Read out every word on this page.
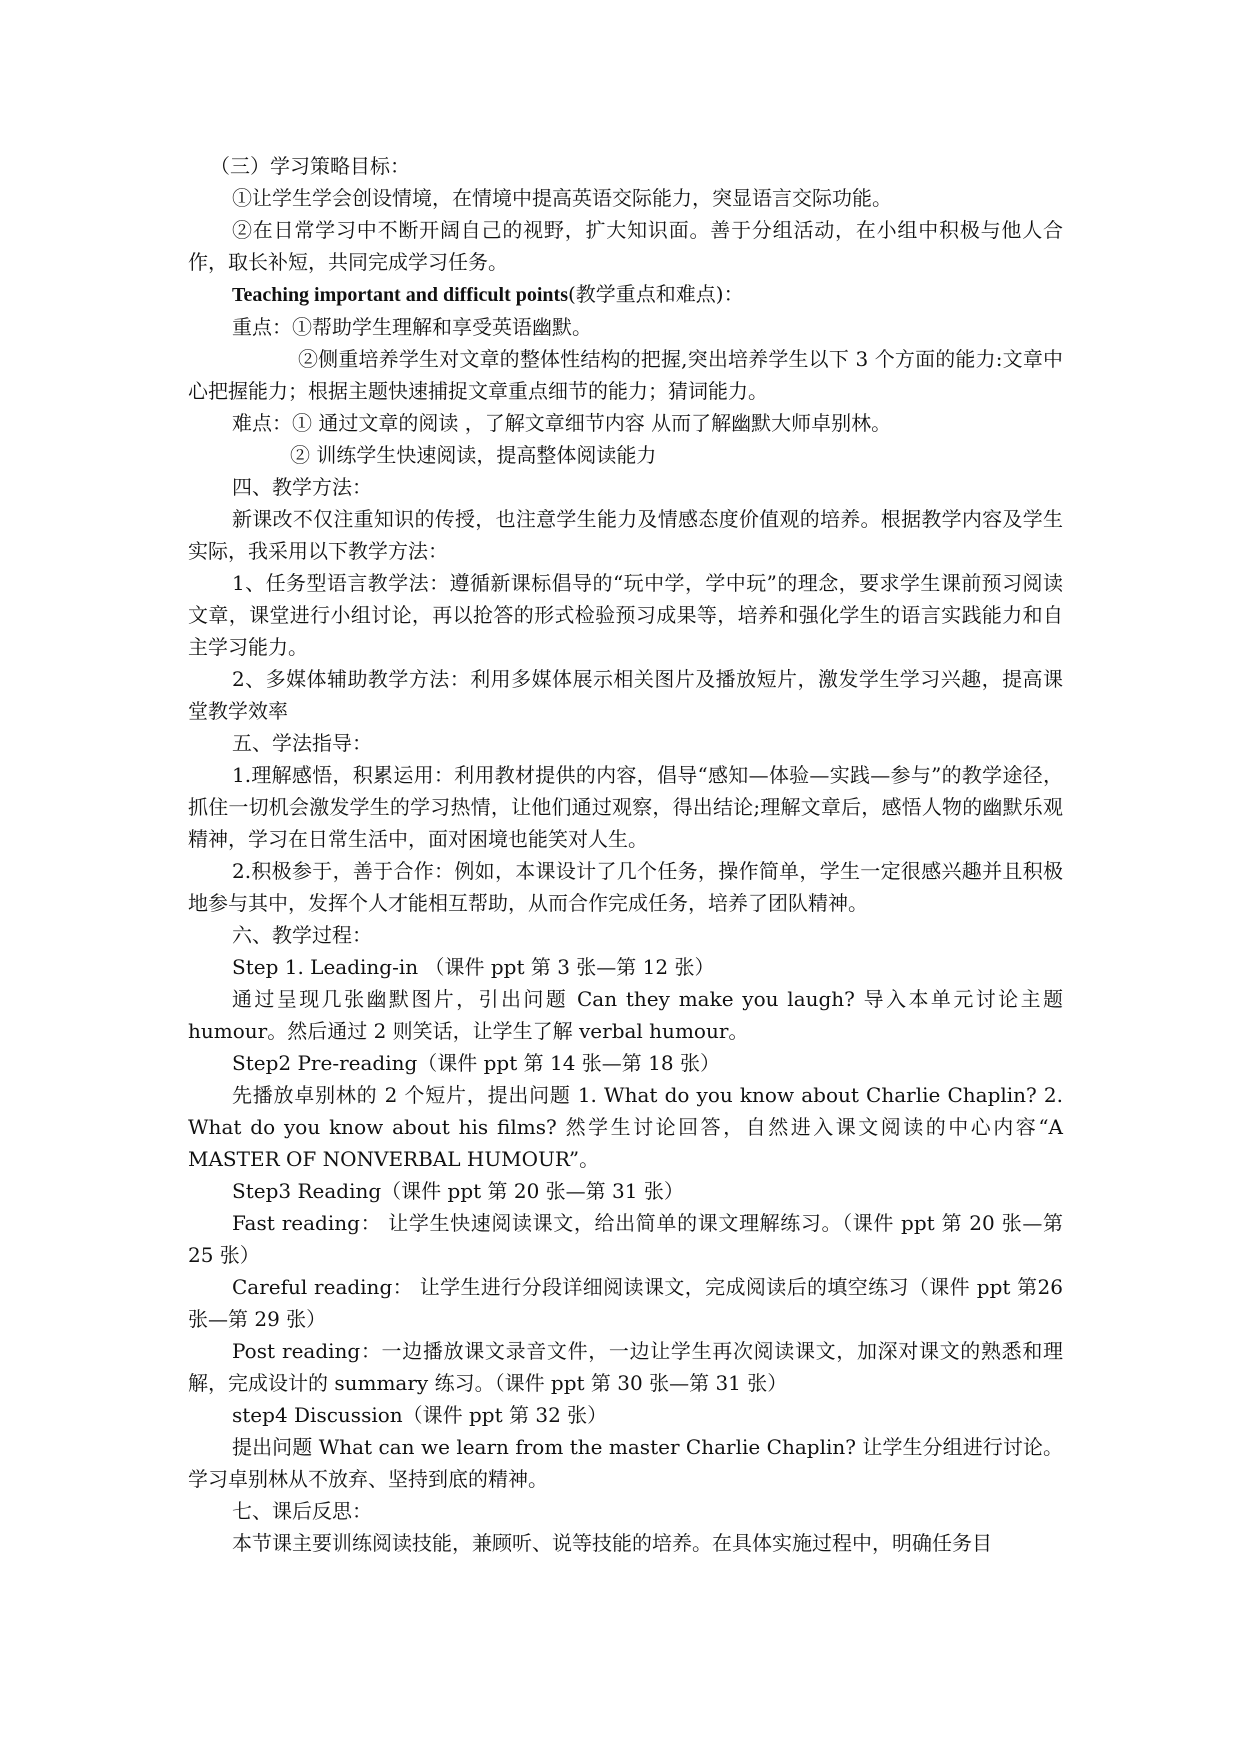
（三）学习策略目标：

①让学生学会创设情境，在情境中提高英语交际能力，突显语言交际功能。

②在日常学习中不断开阔自己的视野，扩大知识面。善于分组活动，在小组中积极与他人合作，取长补短，共同完成学习任务。

Teaching important and difficult points(教学重点和难点)：

重点：①帮助学生理解和享受英语幽默。

②侧重培养学生对文章的整体性结构的把握,突出培养学生以下 3 个方面的能力:文章中心把握能力；根据主题快速捕捉文章重点细节的能力；猜词能力。

难点：① 通过文章的阅读 ，了解文章细节内容 从而了解幽默大师卓别林。

② 训练学生快速阅读，提高整体阅读能力

四、教学方法：

新课改不仅注重知识的传授，也注意学生能力及情感态度价值观的培养。根据教学内容及学生实际，我采用以下教学方法：

1、任务型语言教学法：遵循新课标倡导的“玩中学，学中玩”的理念，要求学生课前预习阅读文章，课堂进行小组讨论，再以抢答的形式检验预习成果等，培养和强化学生的语言实践能力和自主学习能力。

2、多媒体辅助教学方法：利用多媒体展示相关图片及播放短片，激发学生学习兴趣，提高课堂教学效率

五、学法指导：

1.理解感悟，积累运用：利用教材提供的内容，倡导“感知—体验—实践—参与”的教学途径，抓住一切机会激发学生的学习热情，让他们通过观察，得出结论;理解文章后，感悟人物的幽默乐观精神，学习在日常生活中，面对困境也能笑对人生。

2.积极参于，善于合作：例如，本课设计了几个任务，操作简单，学生一定很感兴趣并且积极地参与其中，发挥个人才能相互帮助，从而合作完成任务，培养了团队精神。

六、教学过程：

Step 1. Leading-in （课件 ppt 第 3 张—第 12 张）

通过呈现几张幽默图片，引出问题 Can they make you laugh? 导入本单元讨论主题humour。然后通过 2 则笑话，让学生了解 verbal humour。

Step2 Pre-reading（课件 ppt 第 14 张—第 18 张）

先播放卓别林的 2 个短片，提出问题 1. What do you know about Charlie Chaplin? 2. What do you know about his films? 然学生讨论回答，自然进入课文阅读的中心内容“A MASTER OF NONVERBAL HUMOUR”。

Step3 Reading（课件 ppt 第 20 张—第 31 张）

Fast reading： 让学生快速阅读课文，给出简单的课文理解练习。（课件 ppt 第 20 张—第 25 张）

Careful reading： 让学生进行分段详细阅读课文，完成阅读后的填空练习（课件 ppt 第26 张—第 29 张）

Post reading：一边播放课文录音文件，一边让学生再次阅读课文，加深对课文的熟悉和理解，完成设计的 summary 练习。（课件 ppt 第 30 张—第 31 张）

step4 Discussion（课件 ppt 第 32 张）

提出问题 What can we learn from the master Charlie Chaplin? 让学生分组进行讨论。学习卓别林从不放弃、坚持到底的精神。

七、课后反思：

本节课主要训练阅读技能，兼顾听、说等技能的培养。在具体实施过程中，明确任务目
